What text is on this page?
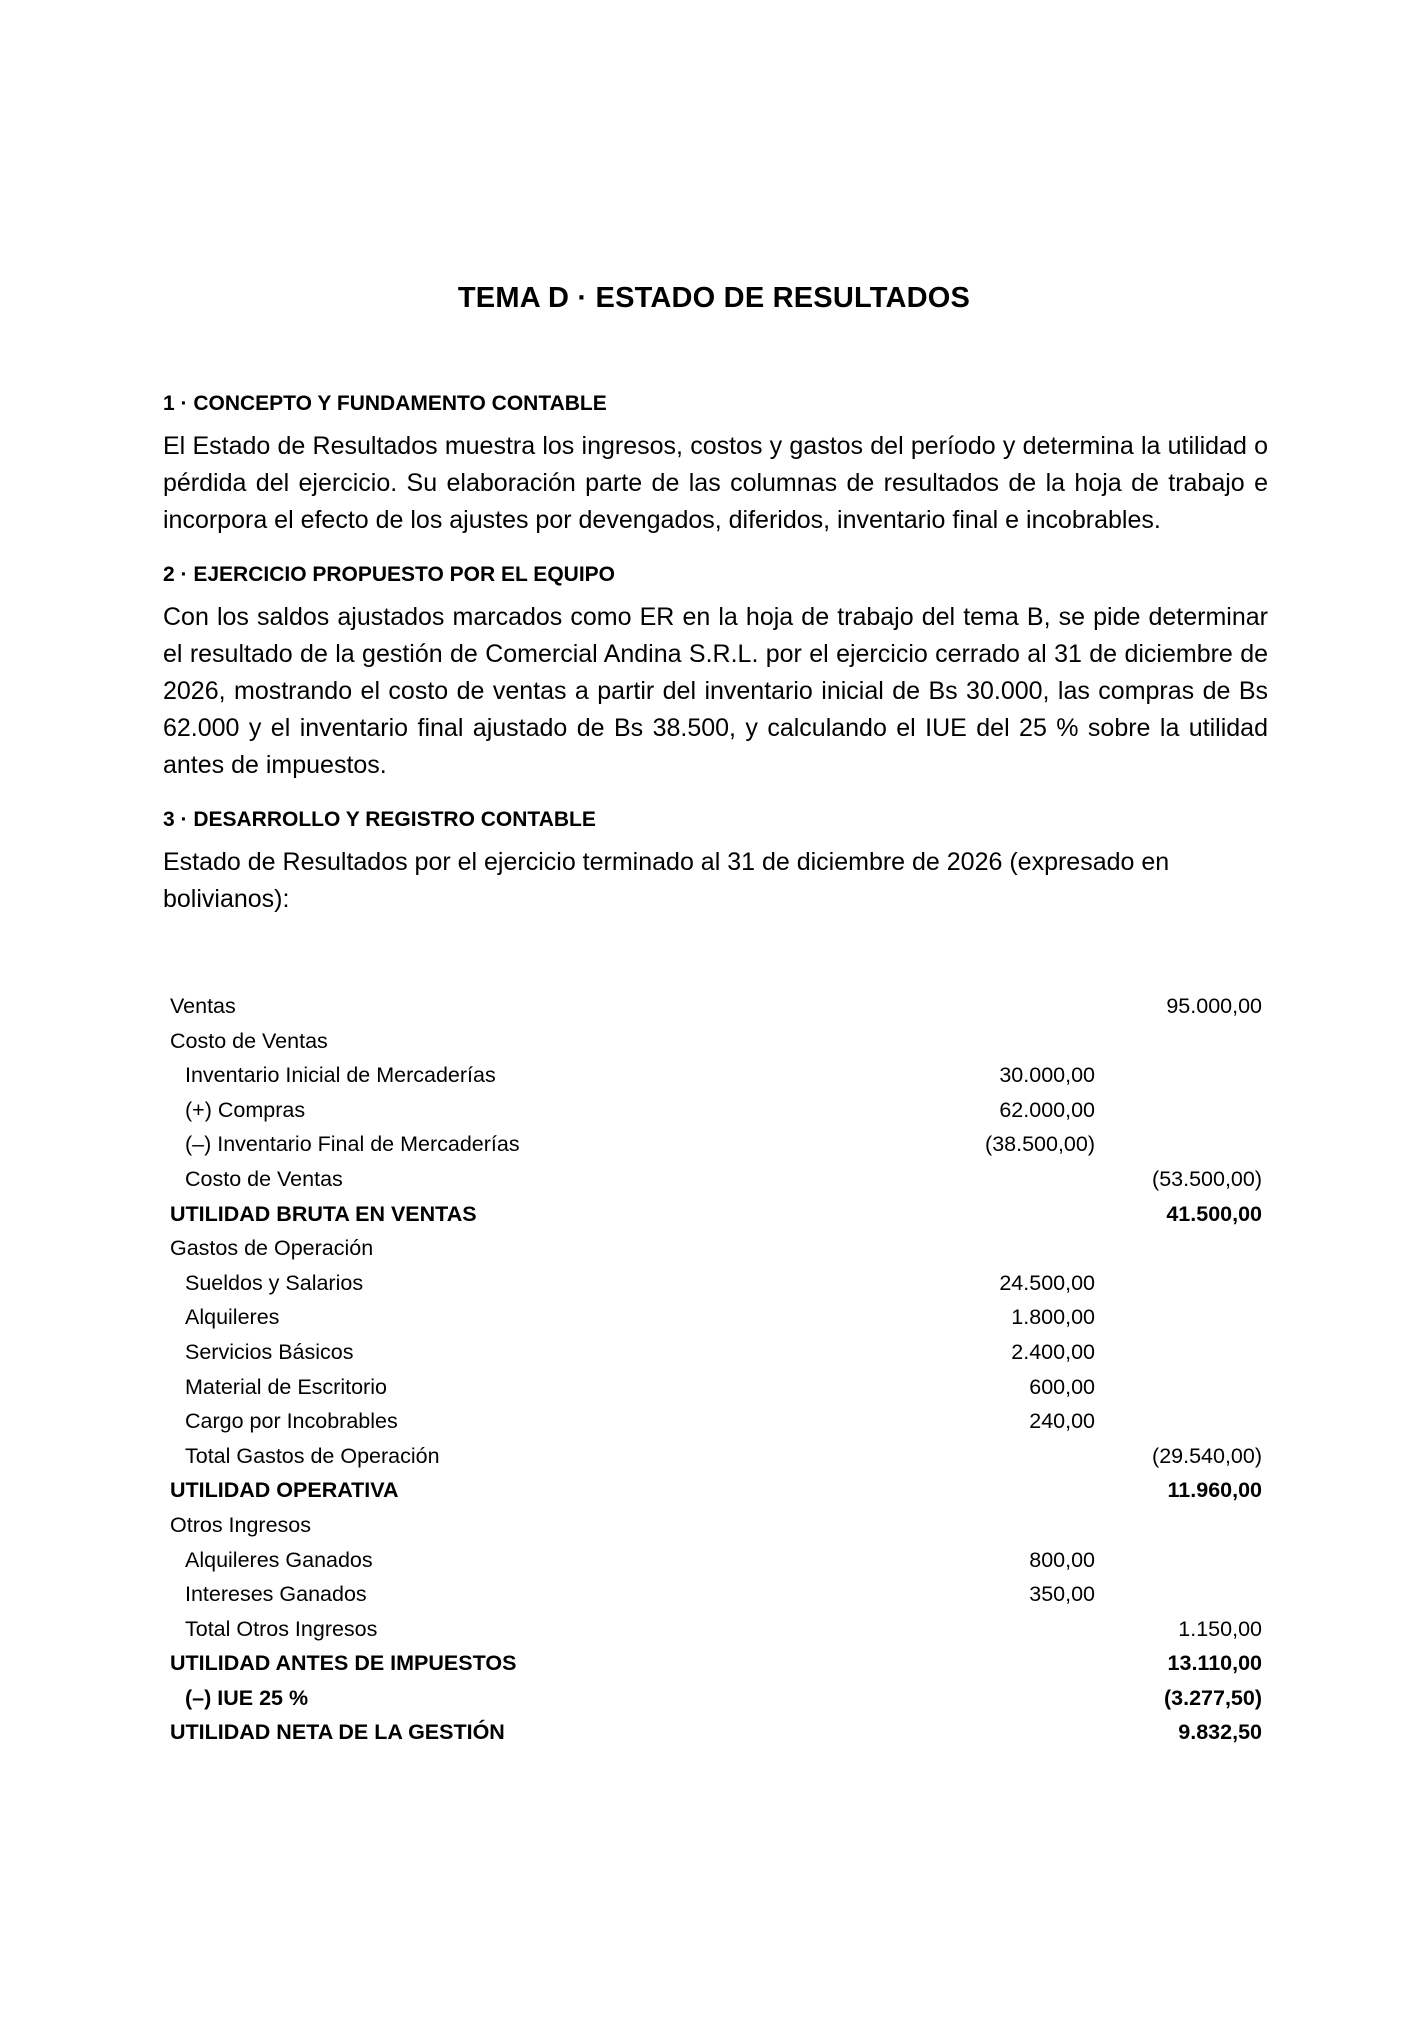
TEMA D · ESTADO DE RESULTADOS
1 · CONCEPTO Y FUNDAMENTO CONTABLE

El Estado de Resultados muestra los ingresos, costos y gastos del período y determina la utilidad o pérdida del ejercicio. Su elaboración parte de las columnas de resultados de la hoja de trabajo e incorpora el efecto de los ajustes por devengados, diferidos, inventario final e incobrables.

2 · EJERCICIO PROPUESTO POR EL EQUIPO

Con los saldos ajustados marcados como ER en la hoja de trabajo del tema B, se pide determinar el resultado de la gestión de Comercial Andina S.R.L. por el ejercicio cerrado al 31 de diciembre de 2026, mostrando el costo de ventas a partir del inventario inicial de Bs 30.000, las compras de Bs 62.000 y el inventario final ajustado de Bs 38.500, y calculando el IUE del 25 % sobre la utilidad antes de impuestos.

3 · DESARROLLO Y REGISTRO CONTABLE

Estado de Resultados por el ejercicio terminado al 31 de diciembre de 2026 (expresado en bolivianos):

Ventas		95.000,00
Costo de Ventas		
Inventario Inicial de Mercaderías	30.000,00	
(+) Compras	62.000,00	
(–) Inventario Final de Mercaderías	(38.500,00)	
Costo de Ventas		(53.500,00)
UTILIDAD BRUTA EN VENTAS		41.500,00
Gastos de Operación		
Sueldos y Salarios	24.500,00	
Alquileres	1.800,00	
Servicios Básicos	2.400,00	
Material de Escritorio	600,00	
Cargo por Incobrables	240,00	
Total Gastos de Operación		(29.540,00)
UTILIDAD OPERATIVA		11.960,00
Otros Ingresos		
Alquileres Ganados	800,00	
Intereses Ganados	350,00	
Total Otros Ingresos		1.150,00
UTILIDAD ANTES DE IMPUESTOS		13.110,00
(–) IUE 25 %		(3.277,50)
UTILIDAD NETA DE LA GESTIÓN		9.832,50
